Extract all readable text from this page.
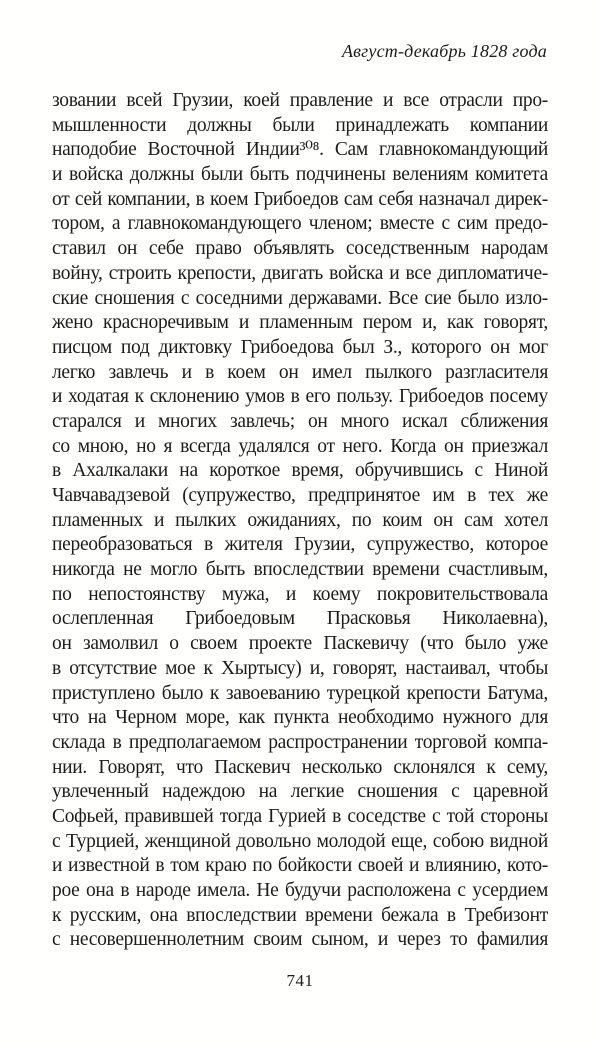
Август-декабрь 1828 года
зовании всей Грузии, коей правление и все отрасли про-
мышленности должны были принадлежать компании
наподобие Восточной Индии³⁰⁸. Сам главнокомандующий
и войска должны были быть подчинены велениям комитета
от сей компании, в коем Грибоедов сам себя назначал дирек-
тором, а главнокомандующего членом; вместе с сим предо-
ставил он себе право объявлять соседственным народам
войну, строить крепости, двигать войска и все дипломатиче-
ские сношения с соседними державами. Все сие было изло-
жено красноречивым и пламенным пером и, как говорят,
писцом под диктовку Грибоедова был З., которого он мог
легко завлечь и в коем он имел пылкого разгласителя
и ходатая к склонению умов в его пользу. Грибоедов посему
старался и многих завлечь; он много искал сближения
со мною, но я всегда удалялся от него. Когда он приезжал
в Ахалкалаки на короткое время, обручившись с Ниной
Чавчавадзевой (супружество, предпринятое им в тех же
пламенных и пылких ожиданиях, по коим он сам хотел
переобразоваться в жителя Грузии, супружество, которое
никогда не могло быть впоследствии времени счастливым,
по непостоянству мужа, и коему покровительствовала
ослепленная Грибоедовым Прасковья Николаевна),
он замолвил о своем проекте Паскевичу (что было уже
в отсутствие мое к Хыртысу) и, говорят, настаивал, чтобы
приступлено было к завоеванию турецкой крепости Батума,
что на Черном море, как пункта необходимо нужного для
склада в предполагаемом распространении торговой компа-
нии. Говорят, что Паскевич несколько склонялся к сему,
увлеченный надеждою на легкие сношения с царевной
Софьей, правившей тогда Гурией в соседстве с той стороны
с Турцией, женщиной довольно молодой еще, собою видной
и известной в том краю по бойкости своей и влиянию, кото-
рое она в народе имела. Не будучи расположена с усердием
к русским, она впоследствии времени бежала в Требизонт
с несовершеннолетним своим сыном, и через то фамилия
741
